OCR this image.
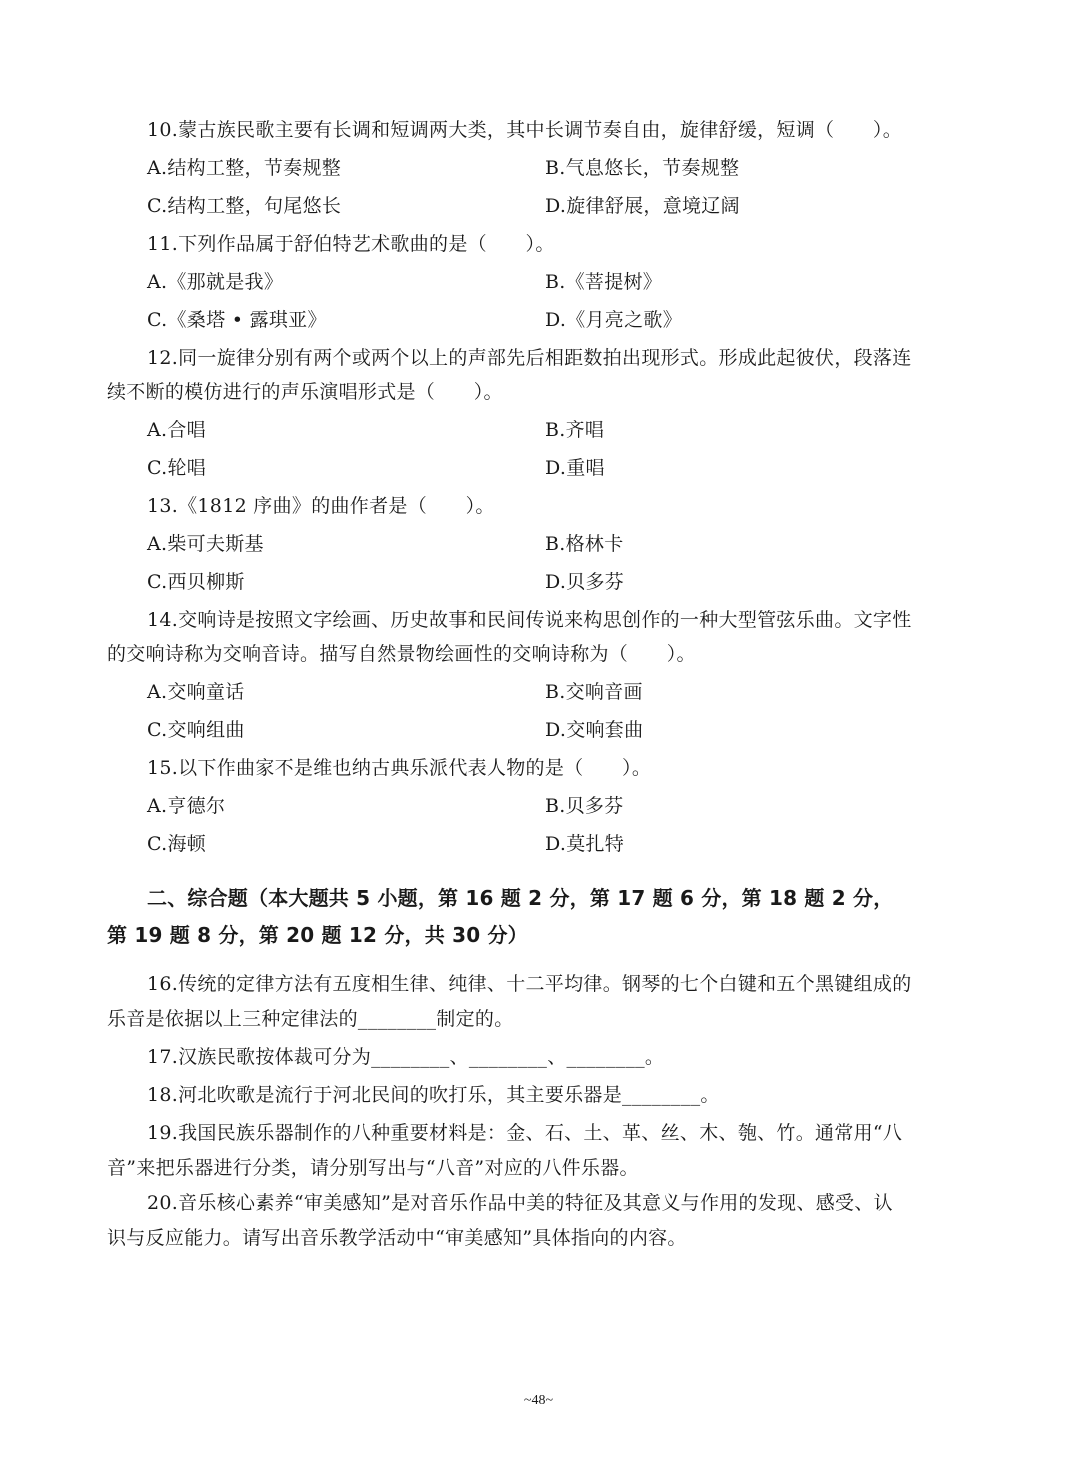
10.蒙古族民歌主要有长调和短调两大类，其中长调节奏自由，旋律舒缓，短调（　　）。
A.结构工整，节奏规整	B.气息悠长，节奏规整
C.结构工整，句尾悠长	D.旋律舒展，意境辽阔
11.下列作品属于舒伯特艺术歌曲的是（　　）。
A.《那就是我》	B.《菩提树》
C.《桑塔 • 露琪亚》	D.《月亮之歌》
12.同一旋律分别有两个或两个以上的声部先后相距数拍出现形式。形成此起彼伏，段落连
续不断的模仿进行的声乐演唱形式是（　　）。
A.合唱	B.齐唱
C.轮唱	D.重唱
13.《1812 序曲》的曲作者是（　　）。
A.柴可夫斯基	B.格林卡
C.西贝柳斯	D.贝多芬
14.交响诗是按照文字绘画、历史故事和民间传说来构思创作的一种大型管弦乐曲。文字性
的交响诗称为交响音诗。描写自然景物绘画性的交响诗称为（　　）。
A.交响童话	B.交响音画
C.交响组曲	D.交响套曲
15.以下作曲家不是维也纳古典乐派代表人物的是（　　）。
A.亨德尔	B.贝多芬
C.海顿	D.莫扎特
二、综合题（本大题共 5 小题，第 16 题 2 分，第 17 题 6 分，第 18 题 2 分，
第 19 题 8 分，第 20 题 12 分，共 30 分）
16.传统的定律方法有五度相生律、纯律、十二平均律。钢琴的七个白键和五个黑键组成的
乐音是依据以上三种定律法的________制定的。
17.汉族民歌按体裁可分为________、________、________。
18.河北吹歌是流行于河北民间的吹打乐，其主要乐器是________。
19.我国民族乐器制作的八种重要材料是：金、石、土、革、丝、木、匏、竹。通常用“八
音”来把乐器进行分类，请分别写出与“八音”对应的八件乐器。
20.音乐核心素养“审美感知”是对音乐作品中美的特征及其意义与作用的发现、感受、认
识与反应能力。请写出音乐教学活动中“审美感知”具体指向的内容。
~48~
